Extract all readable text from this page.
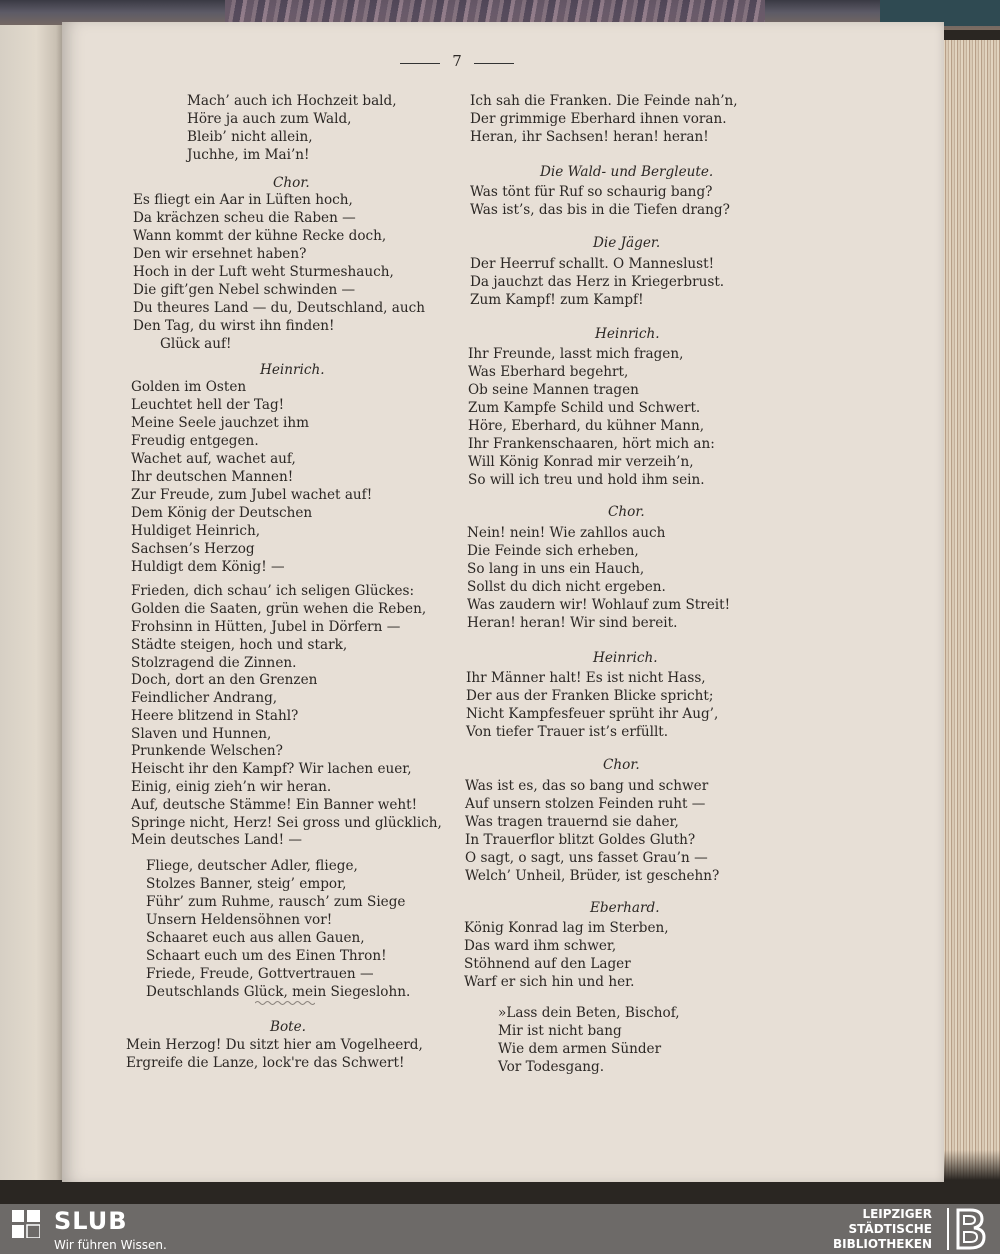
7
Mach’ auch ich Hochzeit bald,
Höre ja auch zum Wald,
Bleib’ nicht allein,
Juchhe, im Mai’n!
Chor.
Es fliegt ein Aar in Lüften hoch,
Da krächzen scheu die Raben —
Wann kommt der kühne Recke doch,
Den wir ersehnet haben?
Hoch in der Luft weht Sturmeshauch,
Die gift’gen Nebel schwinden —
Du theures Land — du, Deutschland, auch
Den Tag, du wirst ihn finden!
Glück auf!
Heinrich.
Golden im Osten
Leuchtet hell der Tag!
Meine Seele jauchzet ihm
Freudig entgegen.
Wachet auf, wachet auf,
Ihr deutschen Mannen!
Zur Freude, zum Jubel wachet auf!
Dem König der Deutschen
Huldiget Heinrich,
Sachsen’s Herzog
Huldigt dem König! —
Frieden, dich schau’ ich seligen Glückes:
Golden die Saaten, grün wehen die Reben,
Frohsinn in Hütten, Jubel in Dörfern —
Städte steigen, hoch und stark,
Stolzragend die Zinnen.
Doch, dort an den Grenzen
Feindlicher Andrang,
Heere blitzend in Stahl?
Slaven und Hunnen,
Prunkende Welschen?
Heischt ihr den Kampf? Wir lachen euer,
Einig, einig zieh’n wir heran.
Auf, deutsche Stämme! Ein Banner weht!
Springe nicht, Herz! Sei gross und glücklich,
Mein deutsches Land! —
Fliege, deutscher Adler, fliege,
Stolzes Banner, steig’ empor,
Führ’ zum Ruhme, rausch’ zum Siege
Unsern Heldensöhnen vor!
Schaaret euch aus allen Gauen,
Schaart euch um des Einen Thron!
Friede, Freude, Gottvertrauen —
Deutschlands Glück, mein Siegeslohn.
Bote.
Mein Herzog! Du sitzt hier am Vogelheerd,
Ergreife die Lanze, lock're das Schwert!
Ich sah die Franken. Die Feinde nah’n,
Der grimmige Eberhard ihnen voran.
Heran, ihr Sachsen! heran! heran!
Die Wald- und Bergleute.
Was tönt für Ruf so schaurig bang?
Was ist’s, das bis in die Tiefen drang?
Die Jäger.
Der Heerruf schallt. O Manneslust!
Da jauchzt das Herz in Kriegerbrust.
Zum Kampf! zum Kampf!
Heinrich.
Ihr Freunde, lasst mich fragen,
Was Eberhard begehrt,
Ob seine Mannen tragen
Zum Kampfe Schild und Schwert.
Höre, Eberhard, du kühner Mann,
Ihr Frankenschaaren, hört mich an:
Will König Konrad mir verzeih’n,
So will ich treu und hold ihm sein.
Chor.
Nein! nein! Wie zahllos auch
Die Feinde sich erheben,
So lang in uns ein Hauch,
Sollst du dich nicht ergeben.
Was zaudern wir! Wohlauf zum Streit!
Heran! heran! Wir sind bereit.
Heinrich.
Ihr Männer halt! Es ist nicht Hass,
Der aus der Franken Blicke spricht;
Nicht Kampfesfeuer sprüht ihr Aug’,
Von tiefer Trauer ist’s erfüllt.
Chor.
Was ist es, das so bang und schwer
Auf unsern stolzen Feinden ruht —
Was tragen trauernd sie daher,
In Trauerflor blitzt Goldes Gluth?
O sagt, o sagt, uns fasset Grau’n —
Welch’ Unheil, Brüder, ist geschehn?
Eberhard.
König Konrad lag im Sterben,
Das ward ihm schwer,
Stöhnend auf den Lager
Warf er sich hin und her.
»Lass dein Beten, Bischof,
Mir ist nicht bang
Wie dem armen Sünder
Vor Todesgang.
SLUB
Wir führen Wissen.
LEIPZIGER
STÄDTISCHE
BIBLIOTHEKEN
